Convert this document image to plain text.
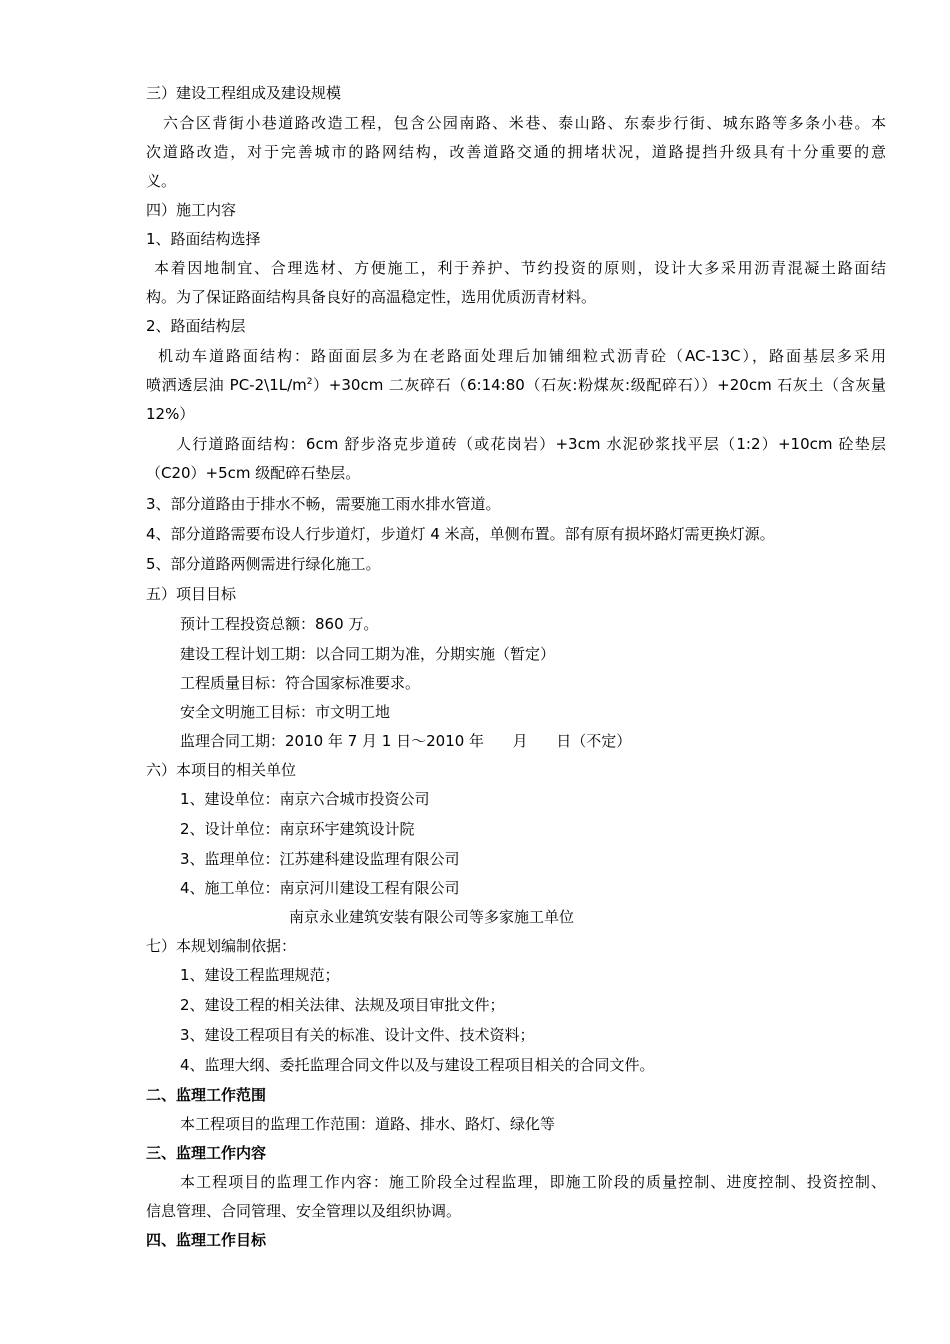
三）建设工程组成及建设规模
六合区背街小巷道路改造工程，包含公园南路、米巷、泰山路、东泰步行街、城东路等多条小巷。本
次道路改造，对于完善城市的路网结构，改善道路交通的拥堵状况，道路提挡升级具有十分重要的意
义。
四）施工内容
1、路面结构选择
本着因地制宜、合理选材、方便施工，利于养护、节约投资的原则，设计大多采用沥青混凝土路面结
构。为了保证路面结构具备良好的高温稳定性，选用优质沥青材料。
2、路面结构层
机动车道路面结构：路面面层多为在老路面处理后加铺细粒式沥青砼（AC-13C），路面基层多采用
喷洒透层油 $PC-2\backslash 1L/m^2)+30cm$ 二灰碎石（6:14:80（石灰:粉煤灰:级配碎石））+20cm 石灰土（含灰量
12%）
人行道路面结构：6cm 舒步洛克步道砖（或花岗岩）+3cm 水泥砂浆找平层（1:2）+10cm 砼垫层
（C20）+5cm 级配碎石垫层。
3、部分道路由于排水不畅，需要施工雨水排水管道。
4、部分道路需要布设人行步道灯，步道灯 4 米高，单侧布置。部有原有损坏路灯需更换灯源。
5、部分道路两侧需进行绿化施工。
五）项目目标
预计工程投资总额：860 万。
建设工程计划工期：以合同工期为准，分期实施（暂定）
工程质量目标：符合国家标准要求。
安全文明施工目标：市文明工地
监理合同工期：2010 年 7 月 1 日～2010 年      月      日（不定）
六）本项目的相关单位
1、建设单位：南京六合城市投资公司
2、设计单位：南京环宇建筑设计院
3、监理单位：江苏建科建设监理有限公司
4、施工单位：南京河川建设工程有限公司
南京永业建筑安装有限公司等多家施工单位
七）本规划编制依据：
1、建设工程监理规范；
2、建设工程的相关法律、法规及项目审批文件；
3、建设工程项目有关的标准、设计文件、技术资料；
4、监理大纲、委托监理合同文件以及与建设工程项目相关的合同文件。
二、监理工作范围
本工程项目的监理工作范围：道路、排水、路灯、绿化等
三、监理工作内容
本工程项目的监理工作内容：施工阶段全过程监理，即施工阶段的质量控制、进度控制、投资控制、
信息管理、合同管理、安全管理以及组织协调。
四、监理工作目标
